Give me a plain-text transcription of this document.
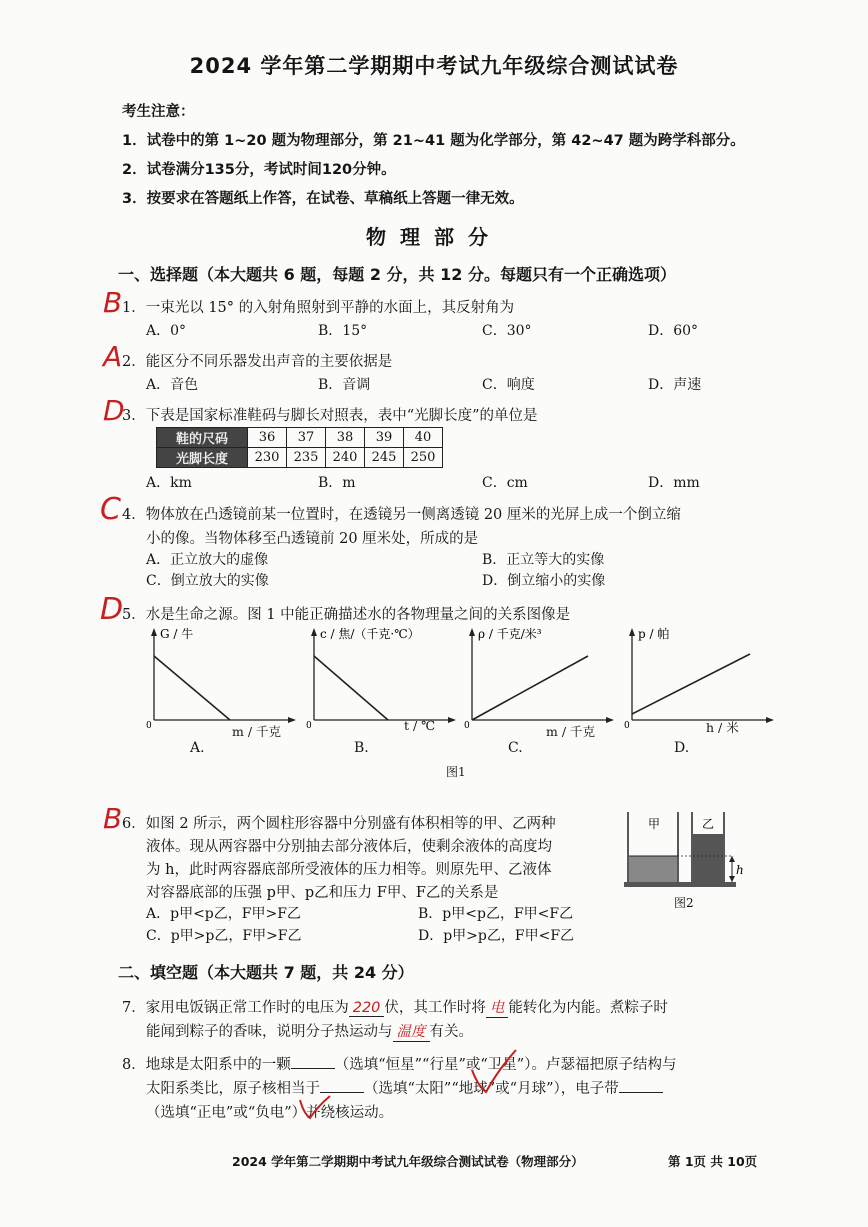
2024 学年第二学期期中考试九年级综合测试试卷
考生注意：
1．试卷中的第 1~20 题为物理部分，第 21~41 题为化学部分，第 42~47 题为跨学科部分。
2．试卷满分135分，考试时间120分钟。
3．按要求在答题纸上作答，在试卷、草稿纸上答题一律无效。
物理部分
一、选择题（本大题共 6 题，每题 2 分，共 12 分。每题只有一个正确选项）
B 1．一束光以 15° 的入射角照射到平静的水面上，其反射角为
A．0°	B．15°	C．30°	D．60°
A 2．能区分不同乐器发出声音的主要依据是
A．音色	B．音调	C．响度	D．声速
D
3．下表是国家标准鞋码与脚长对照表，表中“光脚长度”的单位是
鞋的尺码	36	37	38	39	40
光脚长度	230	235	240	245	250
A．km	B．m	C．cm	D．mm
C 4．物体放在凸透镜前某一位置时，在透镜另一侧离透镜 20 厘米的光屏上成一个倒立缩
小的像。当物体移至凸透镜前 20 厘米处，所成的是
A．正立放大的虚像	B．正立等大的实像
C．倒立放大的实像	D．倒立缩小的实像
D
5．水是生命之源。图 1 中能正确描述水的各物理量之间的关系图像是
G / 牛
0	m / 千克
A.
c / 焦/（千克·℃）
0	t / ℃
B.
ρ / 千克/米³
0	m / 千克
C.
p / 帕
0	h / 米
D.
图1
B 6．如图 2 所示，两个圆柱形容器中分别盛有体积相等的甲、乙两种
液体。现从两容器中分别抽去部分液体后，使剩余液体的高度均
为 h，此时两容器底部所受液体的压力相等。则原先甲、乙液体
对容器底部的压强 p甲、p乙和压力 F甲、F乙的关系是
A．p甲<p乙，F甲>F乙	B．p甲<p乙，F甲<F乙
C．p甲>p乙，F甲>F乙	D．p甲>p乙，F甲<F乙
h
甲	乙
图2
二、填空题（本大题共 7 题，共 24 分）
7．家用电饭锅正常工作时的电压为 220 伏，其工作时将 电 能转化为内能。煮粽子时
能闻到粽子的香味，说明分子热运动与 温度 有关。
8．地球是太阳系中的一颗	（选填“恒星”“行星”或“卫星”）。卢瑟福把原子结构与
太阳系类比，原子核相当于	（选填“太阳”“地球”或“月球”），电子带
（选填“正电”或“负电”）并绕核运动。
2024 学年第二学期期中考试九年级综合测试试卷（物理部分）	第 1页 共 10页
